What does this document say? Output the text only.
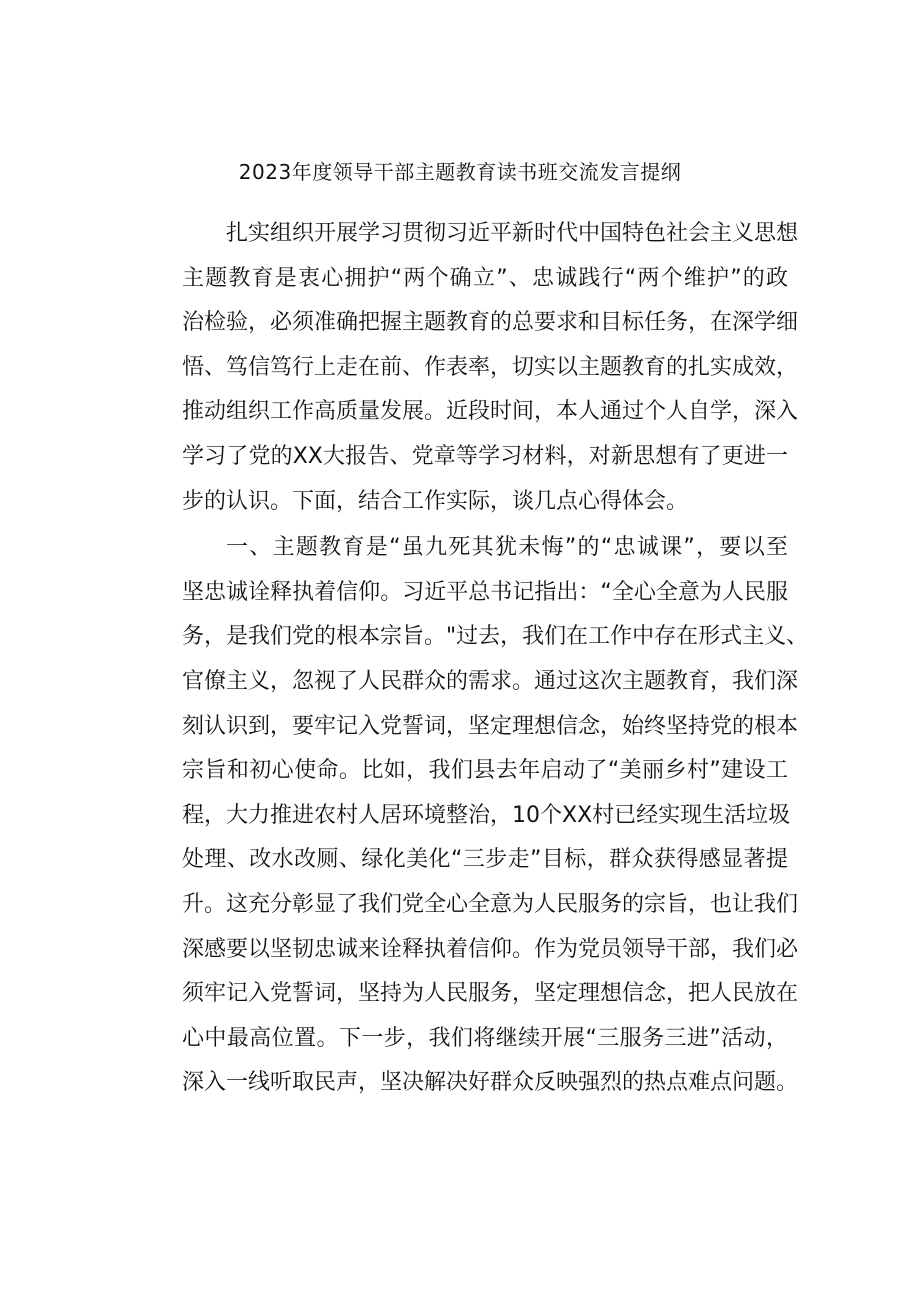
2023年度领导干部主题教育读书班交流发言提纲
扎实组织开展学习贯彻习近平新时代中国特色社会主义思想
主题教育是衷心拥护“两个确立”、忠诚践行“两个维护”的政
治检验，必须准确把握主题教育的总要求和目标任务，在深学细
悟、笃信笃行上走在前、作表率，切实以主题教育的扎实成效，
推动组织工作高质量发展。近段时间，本人通过个人自学，深入
学习了党的XX大报告、党章等学习材料，对新思想有了更进一
步的认识。下面，结合工作实际，谈几点心得体会。
一、主题教育是“虽九死其犹未悔”的“忠诚课”，要以至
坚忠诚诠释执着信仰。习近平总书记指出：“全心全意为人民服
务，是我们党的根本宗旨。"过去，我们在工作中存在形式主义、
官僚主义，忽视了人民群众的需求。通过这次主题教育，我们深
刻认识到，要牢记入党誓词，坚定理想信念，始终坚持党的根本
宗旨和初心使命。比如，我们县去年启动了“美丽乡村”建设工
程，大力推进农村人居环境整治，10个XX村已经实现生活垃圾
处理、改水改厕、绿化美化“三步走”目标，群众获得感显著提
升。这充分彰显了我们党全心全意为人民服务的宗旨，也让我们
深感要以坚韧忠诚来诠释执着信仰。作为党员领导干部，我们必
须牢记入党誓词，坚持为人民服务，坚定理想信念，把人民放在
心中最高位置。下一步，我们将继续开展“三服务三进”活动，
深入一线听取民声，坚决解决好群众反映强烈的热点难点问题。
